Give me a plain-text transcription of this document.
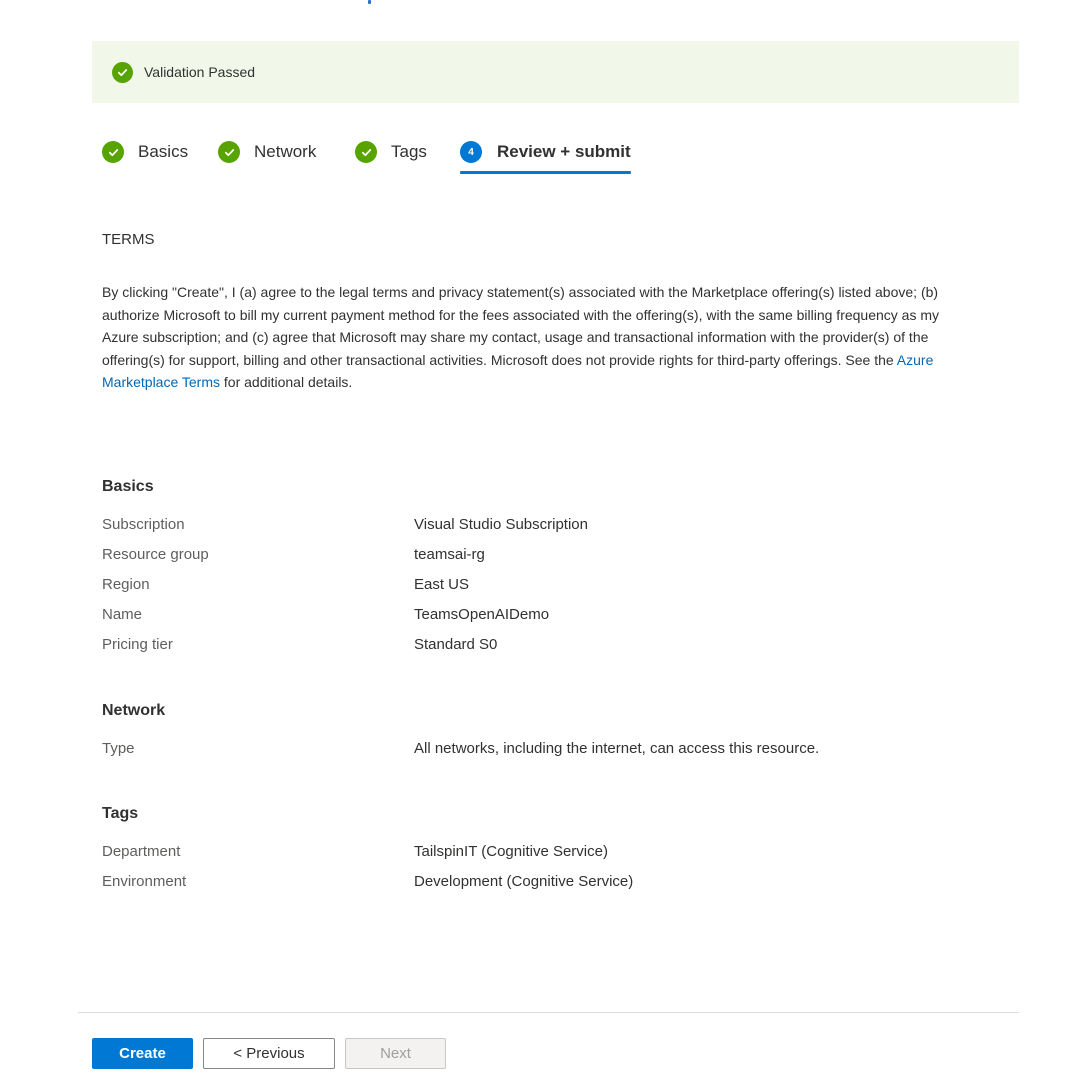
Validation Passed
Basics	Network	Tags	4	Review + submit
TERMS

By clicking "Create", I (a) agree to the legal terms and privacy statement(s) associated with the Marketplace offering(s) listed above; (b) authorize Microsoft to bill my current payment method for the fees associated with the offering(s), with the same billing frequency as my Azure subscription; and (c) agree that Microsoft may share my contact, usage and transactional information with the provider(s) of the offering(s) for support, billing and other transactional activities. Microsoft does not provide rights for third-party offerings. See the Azure Marketplace Terms for additional details.

Basics
Subscription	Visual Studio Subscription
Resource group	teamsai-rg
Region	East US
Name	TeamsOpenAIDemo
Pricing tier	Standard S0
Network
Type	All networks, including the internet, can access this resource.
Tags
Department	TailspinIT (Cognitive Service)
Environment	Development (Cognitive Service)
Create	< Previous	Next
